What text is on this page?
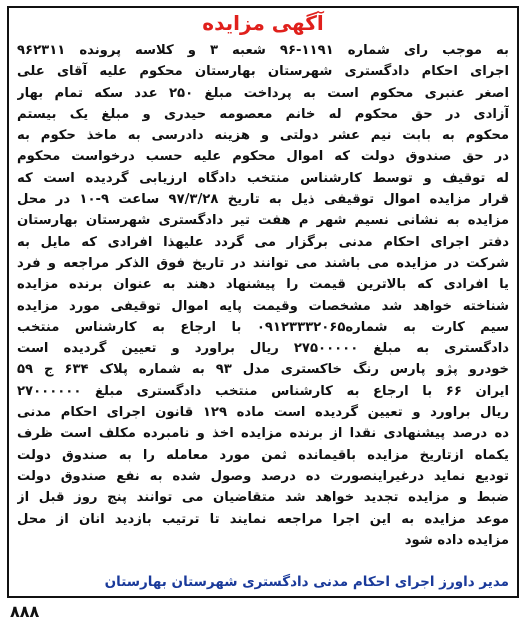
آگهی مزایده
به موجب رای شماره ۱۱۹۱-۹۶ شعبه ۳ و کلاسه پرونده ۹۶۲۳۱۱
اجرای احکام دادگستری شهرستان بهارستان محکوم علیه آقای علی
اصغر عنبری محکوم است به پرداخت مبلغ ۲۵۰ عدد سکه تمام بهار
آزادی در حق محکوم له خانم معصومه حیدری و مبلغ یک بیستم
محکوم به بابت نیم عشر دولتی و هزینه دادرسی به ماخذ حکوم به
در حق صندوق دولت که اموال محکوم علیه حسب درخواست محکوم
له توقیف و توسط کارشناس منتخب دادگاه ارزیابی گردیده است که
قرار مزایده اموال توقیفی ذیل به تاریخ ۹۷/۳/۲۸ ساعت ۹-۱۰ در محل
مزایده به نشانی نسیم شهر م هفت تیر دادگستری شهرستان بهارستان
دفتر اجرای احکام مدنی برگزار می گردد علیهذا افرادی که مایل به
شرکت در مزایده می باشند می توانند در تاریخ فوق الذکر مراجعه و فرد
یا افرادی که بالاترین قیمت را پیشنهاد دهند به عنوان برنده مزایده
شناخته خواهد شد مشخصات وقیمت پایه اموال توقیفی مورد مزایده
سیم کارت به شماره۰۹۱۲۳۳۳۲۰۶۵ با ارجاع به کارشناس منتخب
دادگستری به مبلغ ۲۷۵۰۰۰۰۰ ریال براورد و تعیین گردیده است
خودرو پژو پارس رنگ خاکستری مدل ۹۳ به شماره پلاک ۶۳۴ ج ۵۹
ایران ۶۶ با ارجاع به کارشناس منتخب دادگستری مبلغ ۲۷۰۰۰۰۰۰
ریال براورد و تعیین گردیده است ماده ۱۲۹ قانون اجرای احکام مدنی
ده درصد پیشنهادی نقدا از برنده مزایده اخذ و نامبرده مکلف است ظرف
یکماه ازتاریخ مزایده باقیمانده ثمن مورد معامله را به صندوق دولت
تودیع نماید درغیراینصورت ده درصد وصول شده به نفع صندوق دولت
ضبط و مزایده تجدید خواهد شد متقاضیان می توانند پنج روز قبل از
موعد مزایده به این اجرا مراجعه نمایند تا ترتیب بازدید انان از محل
مزایده داده شود
مدیر داورز اجرای احکام مدنی دادگستری شهرستان بهارستان
۸۸۸
